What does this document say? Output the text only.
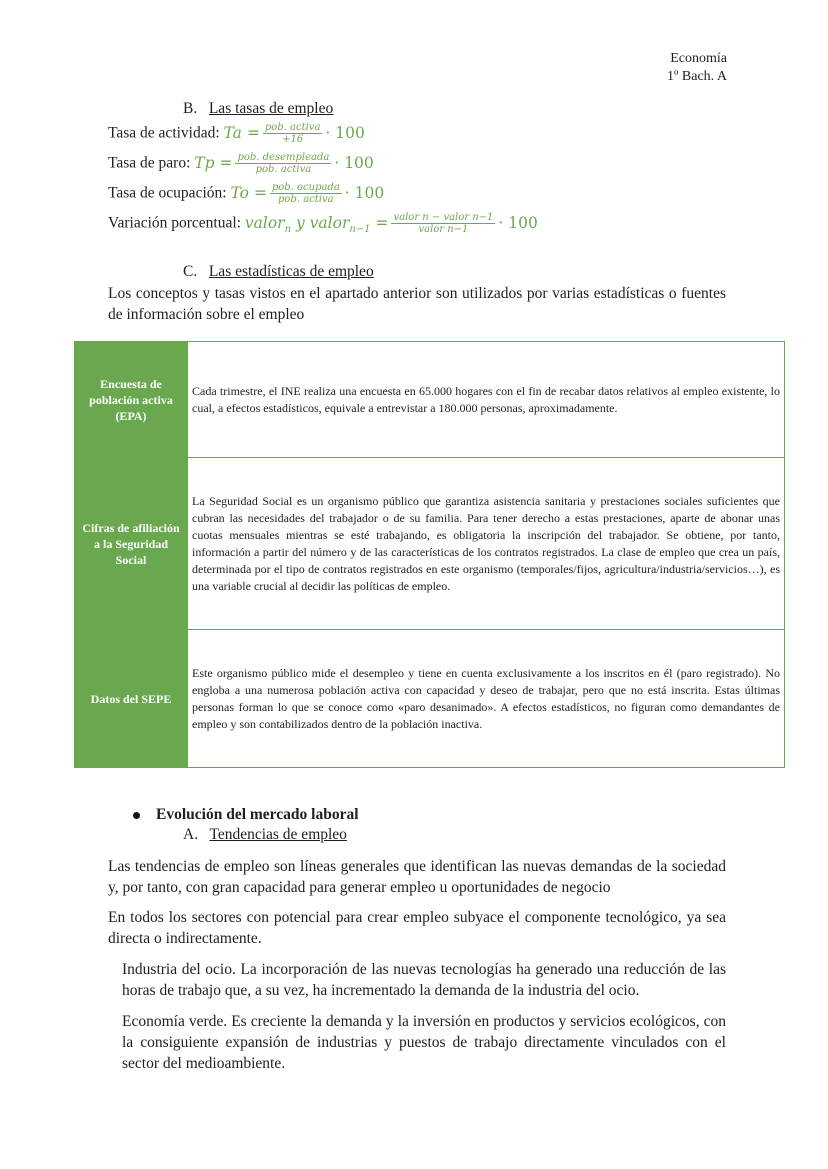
Economía
1º Bach. A
B. Las tasas de empleo
Tasa de actividad: $Ta = \frac{\text{pob. activa}}{+16} \cdot 100$
Tasa de paro: $Tp = \frac{\text{pob. desempleada}}{\text{pob. activa}} \cdot 100$
Tasa de ocupación: $To = \frac{\text{pob. ocupada}}{\text{pob. activa}} \cdot 100$
Variación porcentual: valor$_n$ y valor$_{n-1}$ = $\frac{\text{valor n − valor n−1}}{\text{valor n−1}} \cdot 100$
C. Las estadísticas de empleo
Los conceptos y tasas vistos en el apartado anterior son utilizados por varias estadísticas o fuentes de información sobre el empleo
Encuesta de población activa (EPA)	Cada trimestre, el INE realiza una encuesta en 65.000 hogares con el fin de recabar datos relativos al empleo existente, lo cual, a efectos estadísticos, equivale a entrevistar a 180.000 personas, aproximadamente.
Cifras de afiliación a la Seguridad Social	La Seguridad Social es un organismo público que garantiza asistencia sanitaria y prestaciones sociales suficientes que cubran las necesidades del trabajador o de su familia. Para tener derecho a estas prestaciones, aparte de abonar unas cuotas mensuales mientras se esté trabajando, es obligatoria la inscripción del trabajador. Se obtiene, por tanto, información a partir del número y de las características de los contratos registrados. La clase de empleo que crea un país, determinada por el tipo de contratos registrados en este organismo (temporales/fijos, agricultura/industria/servicios…), es una variable crucial al decidir las políticas de empleo.
Datos del SEPE	Este organismo público mide el desempleo y tiene en cuenta exclusivamente a los inscritos en él (paro registrado). No engloba a una numerosa población activa con capacidad y deseo de trabajar, pero que no está inscrita. Estas últimas personas forman lo que se conoce como «paro desanimado». A efectos estadísticos, no figuran como demandantes de empleo y son contabilizados dentro de la población inactiva.
Evolución del mercado laboral
A. Tendencias de empleo
Las tendencias de empleo son líneas generales que identifican las nuevas demandas de la sociedad y, por tanto, con gran capacidad para generar empleo u oportunidades de negocio
En todos los sectores con potencial para crear empleo subyace el componente tecnológico, ya sea directa o indirectamente.
Industria del ocio. La incorporación de las nuevas tecnologías ha generado una reducción de las horas de trabajo que, a su vez, ha incrementado la demanda de la industria del ocio.
Economía verde. Es creciente la demanda y la inversión en productos y servicios ecológicos, con la consiguiente expansión de industrias y puestos de trabajo directamente vinculados con el sector del medioambiente.
